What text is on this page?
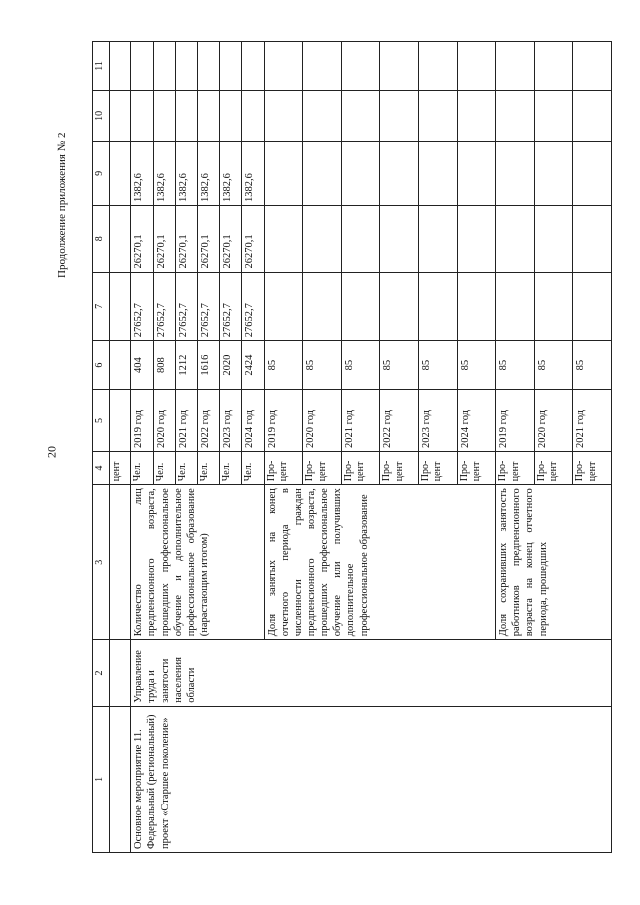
20
Продолжение приложения № 2
1	2	3	4	5	6	7	8	9	10	11
			цент							
Основное мероприятие 11. Федеральный (региональный) проект «Старшее поколение»	Управление труда и занятости населения области	Количество лиц предпенсионного возраста, прошедших профессиональное обучение и дополнительное профессиональное образование (нарастающим итогом)	Чел.	2019 год	404	27652,7	26270,1	1382,6		
			Чел.	2020 год	808	27652,7	26270,1	1382,6		
			Чел.	2021 год	1212	27652,7	26270,1	1382,6		
			Чел.	2022 год	1616	27652,7	26270,1	1382,6		
			Чел.	2023 год	2020	27652,7	26270,1	1382,6		
			Чел.	2024 год	2424	27652,7	26270,1	1382,6		
		Доля занятых на конец отчетного периода в численности граждан предпенсионного возраста, прошедших профессиональное обучение или получивших дополнительное профессиональное образование	Про-цент	2019 год	85					
			Про-цент	2020 год	85					
			Про-цент	2021 год	85					
			Про-цент	2022 год	85					
			Про-цент	2023 год	85					
			Про-цент	2024 год	85					
		Доля сохранивших занятость работников предпенсионного возраста на конец отчетного периода, прошедших	Про-цент	2019 год	85					
			Про-цент	2020 год	85					
			Про-цент	2021 год	85					
